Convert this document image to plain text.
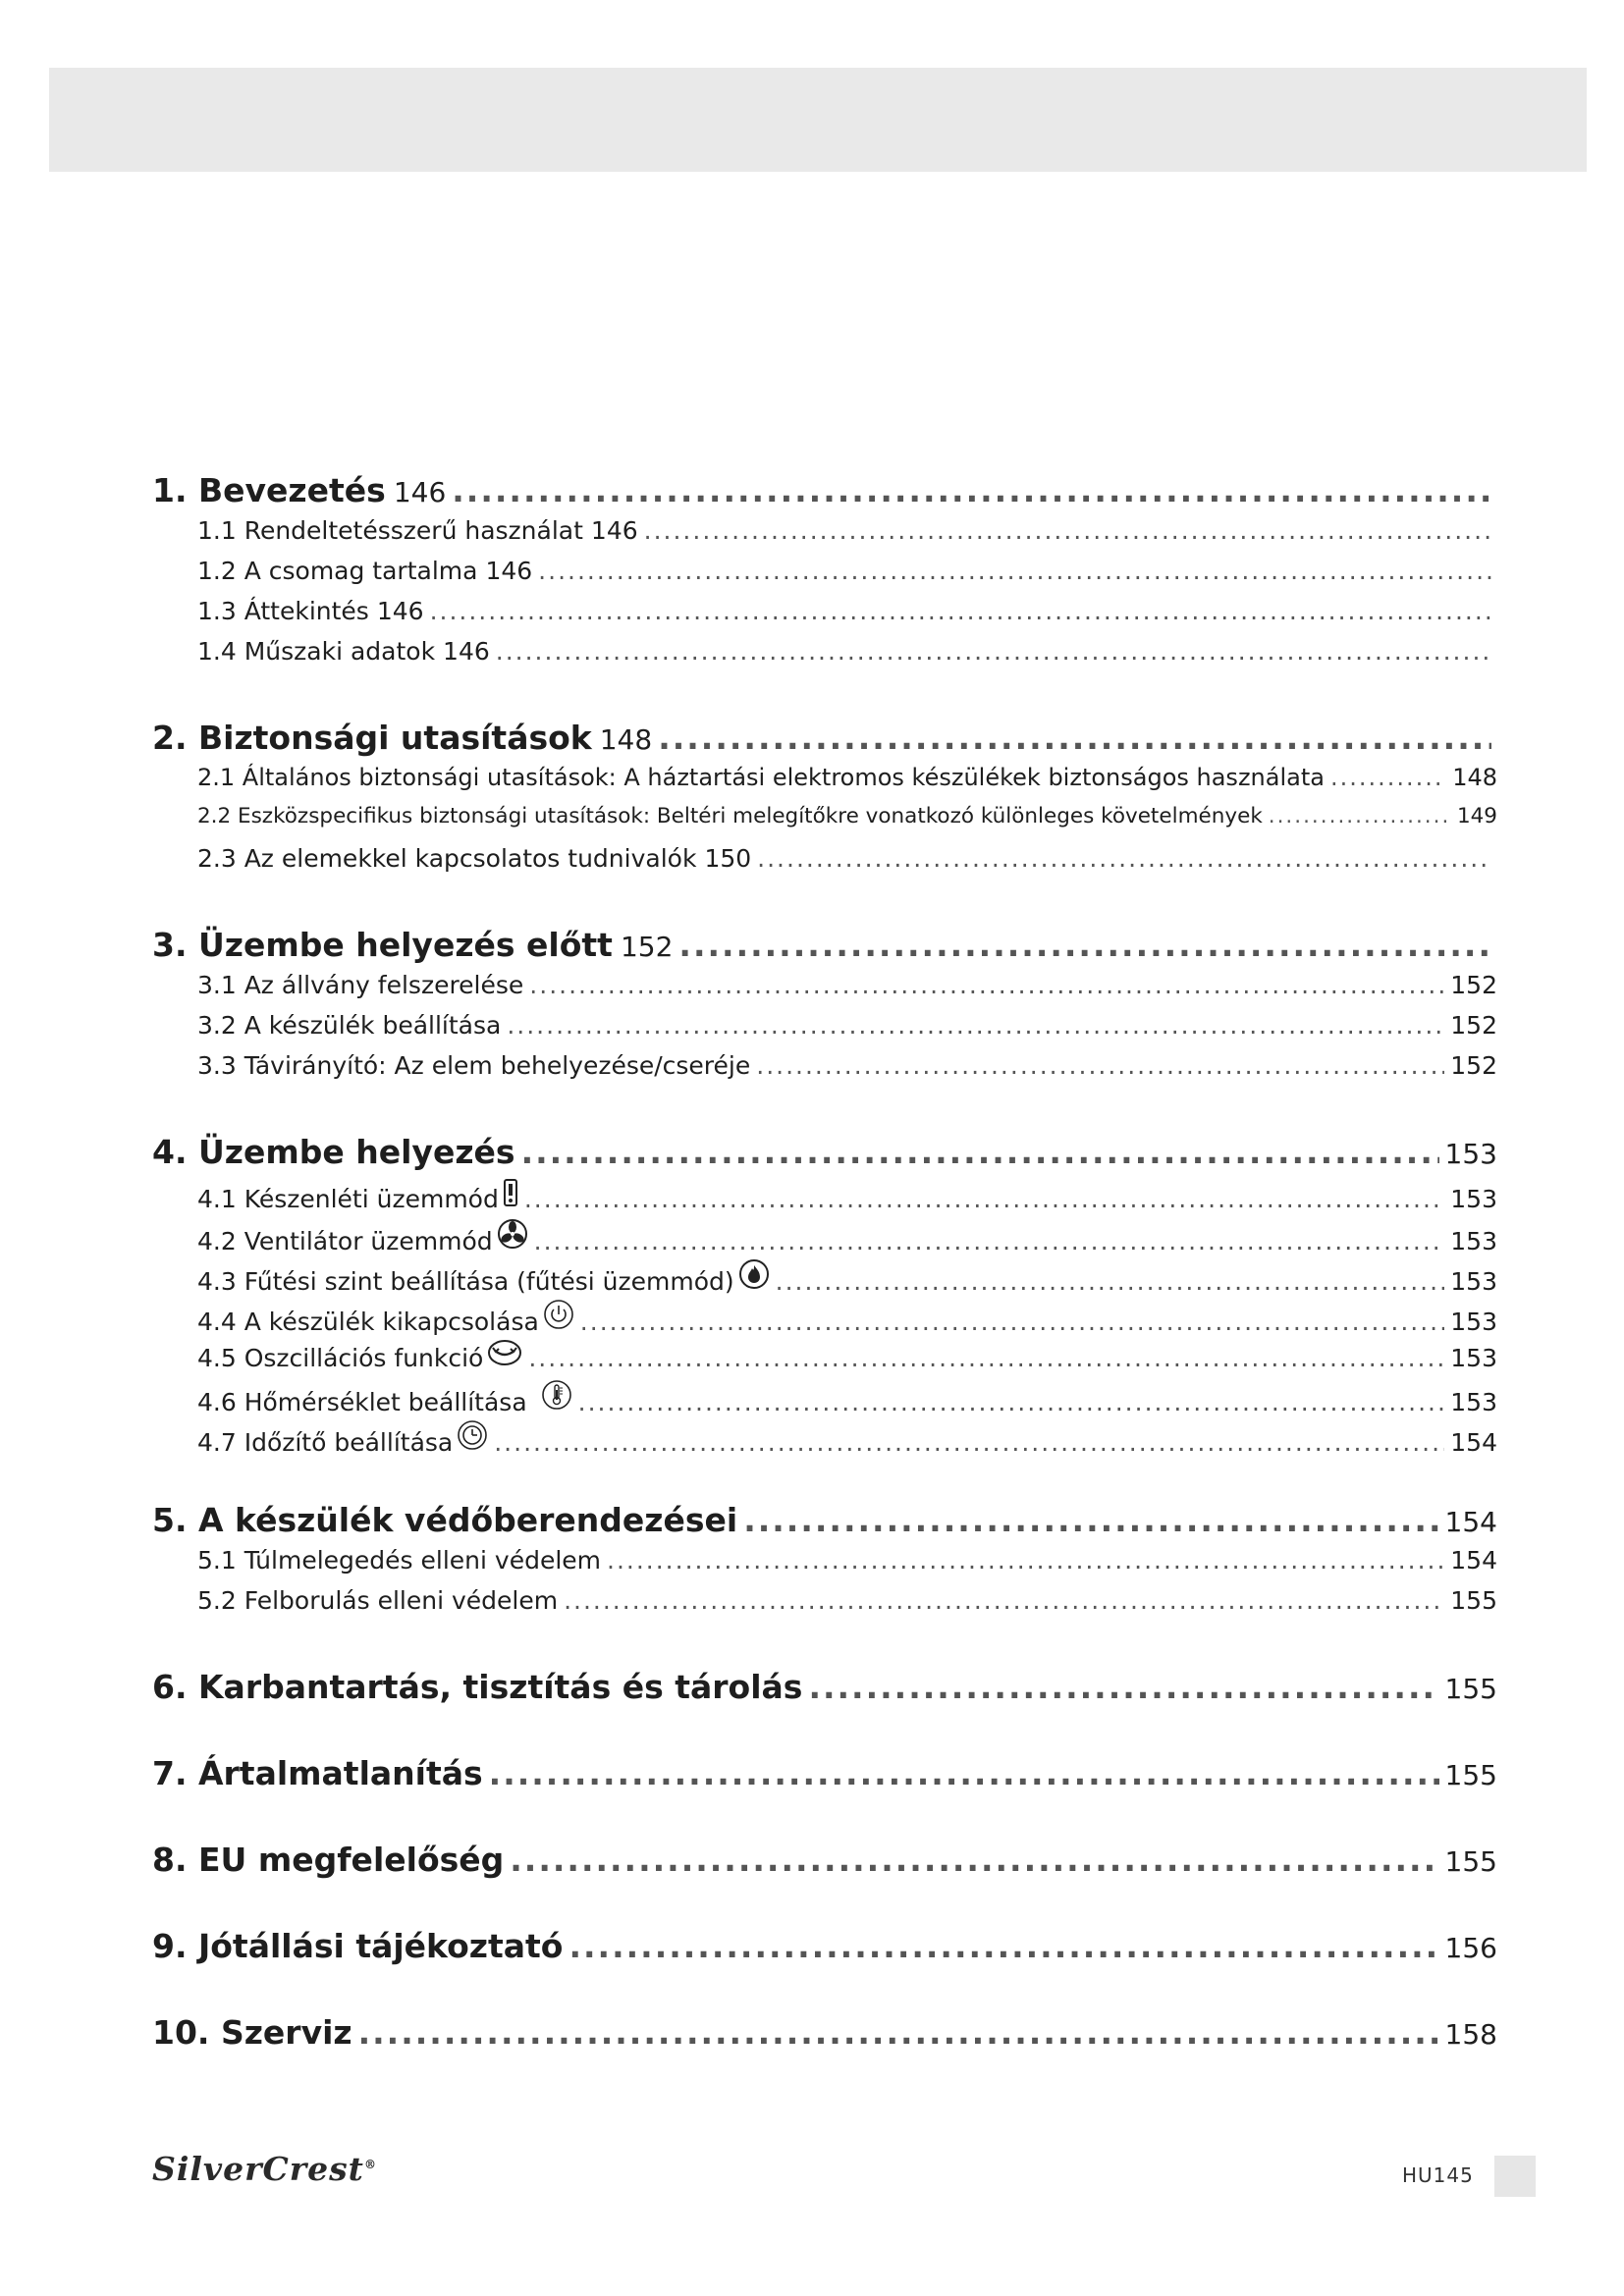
1. Bevezetés 146
.....
1.1 Rendeltetésszerű használat 146
.....
1.2 A csomag tartalma 146
.....
1.3 Áttekintés 146
.....
1.4 Műszaki adatok 146
.....
2. Biztonsági utasítások 148
.....
2.1 Általános biztonsági utasítások: A háztartási elektromos készülékek biztonságos használata .....	148
2.2 Eszközspecifikus biztonsági utasítások: Beltéri melegítőkre vonatkozó különleges követelmények .....	149
2.3 Az elemekkel kapcsolatos tudnivalók 150
.....
3. Üzembe helyezés előtt 152
.....
3.1 Az állvány felszerelése .....	152
3.2 A készülék beállítása .....	152
3.3 Távirányító: Az elem behelyezése/cseréje .....	152
4. Üzembe helyezés .....	153
4.1 Készenléti üzemmód .....	153
4.2 Ventilátor üzemmód .....	153
4.3 Fűtési szint beállítása (fűtési üzemmód) .....	153
4.4 A készülék kikapcsolása .....	153
4.5 Oszcillációs funkció .....	153
4.6 Hőmérséklet beállítása .....	153
4.7 Időzítő beállítása .....	154
5. A készülék védőberendezései .....	154
5.1 Túlmelegedés elleni védelem .....	154
5.2 Felborulás elleni védelem .....	155
6. Karbantartás, tisztítás és tárolás .....	155
7. Ártalmatlanítás .....	155
8. EU megfelelőség .....	155
9. Jótállási tájékoztató .....	156
10. Szerviz .....	158
SilverCrest®	HU145
